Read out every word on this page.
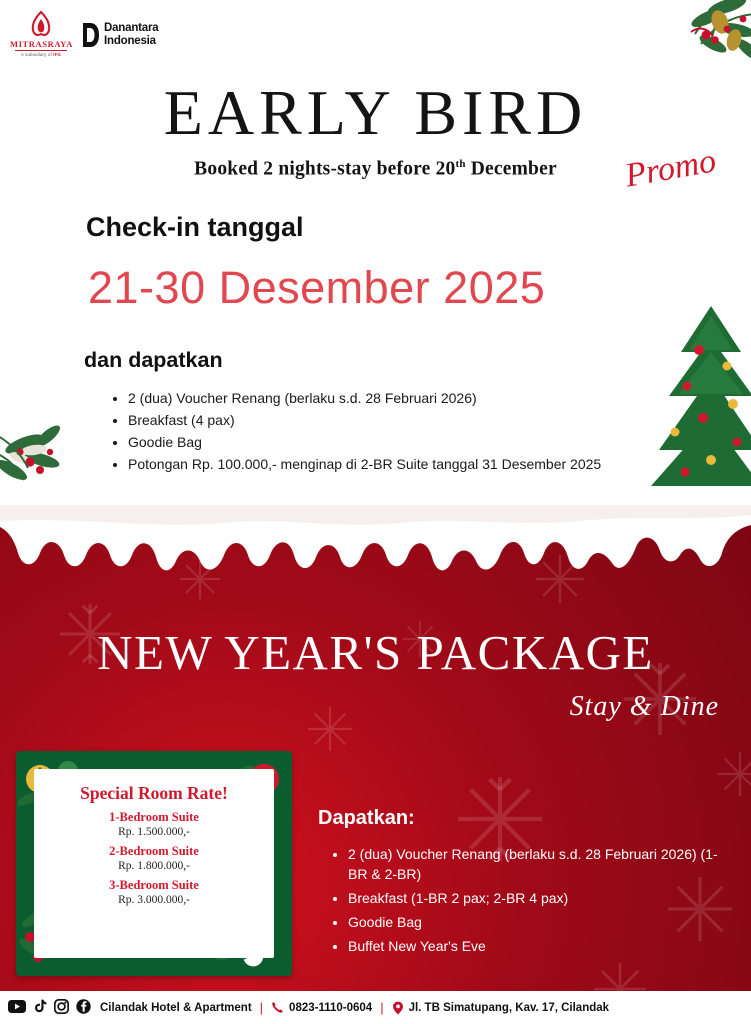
MITRASRAYA
A subsidiary of IFG
Danantara
Indonesia
EARLY BIRD
Booked 2 nights-stay before 20th December	Promo
Check-in tanggal
21-30 Desember 2025
dan dapatkan
• 2 (dua) Voucher Renang (berlaku s.d. 28 Februari 2026)
• Breakfast (4 pax)
• Goodie Bag
• Potongan Rp. 100.000,- menginap di 2-BR Suite tanggal 31 Desember 2025
NEW YEAR'S PACKAGE
Stay & Dine
Special Room Rate!
1-Bedroom Suite
Rp. 1.500.000,-
2-Bedroom Suite
Rp. 1.800.000,-
3-Bedroom Suite
Rp. 3.000.000,-
Dapatkan:
• 2 (dua) Voucher Renang (berlaku s.d. 28 Februari 2026) (1-BR & 2-BR)
• Breakfast (1-BR 2 pax; 2-BR 4 pax)
• Goodie Bag
• Buffet New Year's Eve
Cilandak Hotel & Apartment | 0823-1110-0604 | Jl. TB Simatupang, Kav. 17, Cilandak
